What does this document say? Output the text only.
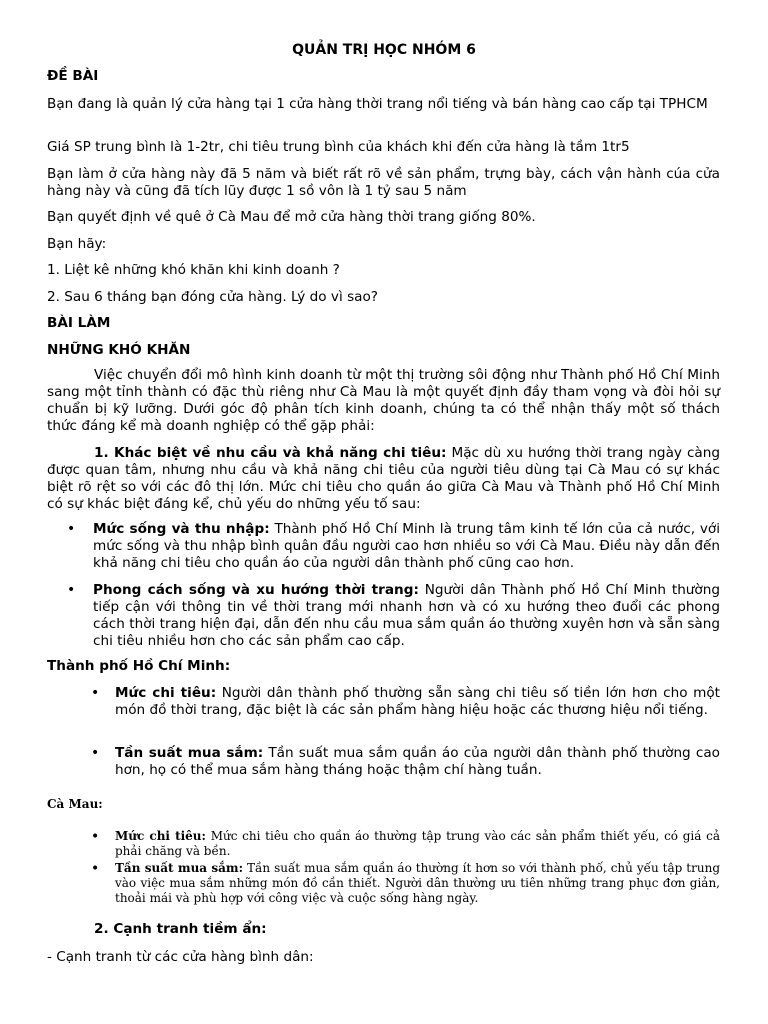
QUẢN TRỊ HỌC NHÓM 6

ĐỀ BÀI

Bạn đang là quản lý cửa hàng tại 1 cửa hàng thời trang nổi tiếng và bán hàng cao cấp tại TPHCM

Giá SP trung bình là 1-2tr, chi tiêu trung bình của khách khi đến cửa hàng là tầm 1tr5

Bạn làm ở cửa hàng này đã 5 năm và biết rất rõ về sản phẩm, trựng bày, cách vận hành cúa cửa hàng này và cũng đã tích lũy được 1 sồ vôn là 1 tỷ sau 5 năm

Bạn quyết định về quê ở Cà Mau để mở cửa hàng thời trang giống 80%.

Bạn hãy:

1. Liệt kê những khó khăn khi kinh doanh ?

2. Sau 6 tháng bạn đóng cửa hàng. Lý do vì sao?

BÀI LÀM

NHỮNG KHÓ KHĂN

Việc chuyển đổi mô hình kinh doanh từ một thị trường sôi động như Thành phố Hồ Chí Minh sang một tỉnh thành có đặc thù riêng như Cà Mau là một quyết định đầy tham vọng và đòi hỏi sự chuẩn bị kỹ lưỡng. Dưới góc độ phân tích kinh doanh, chúng ta có thể nhận thấy một số thách thức đáng kể mà doanh nghiệp có thể gặp phải:

1. Khác biệt về nhu cầu và khả năng chi tiêu: Mặc dù xu hướng thời trang ngày càng được quan tâm, nhưng nhu cầu và khả năng chi tiêu của người tiêu dùng tại Cà Mau có sự khác biệt rõ rệt so với các đô thị lớn. Mức chi tiêu cho quần áo giữa Cà Mau và Thành phố Hồ Chí Minh có sự khác biệt đáng kể, chủ yếu do những yếu tố sau:

• Mức sống và thu nhập: Thành phố Hồ Chí Minh là trung tâm kinh tế lớn của cả nước, với mức sống và thu nhập bình quân đầu người cao hơn nhiều so với Cà Mau. Điều này dẫn đến khả năng chi tiêu cho quần áo của người dân thành phố cũng cao hơn.

• Phong cách sống và xu hướng thời trang: Người dân Thành phố Hồ Chí Minh thường tiếp cận với thông tin về thời trang mới nhanh hơn và có xu hướng theo đuổi các phong cách thời trang hiện đại, dẫn đến nhu cầu mua sắm quần áo thường xuyên hơn và sẵn sàng chi tiêu nhiều hơn cho các sản phẩm cao cấp.

Thành phố Hồ Chí Minh:

• Mức chi tiêu: Người dân thành phố thường sẵn sàng chi tiêu số tiền lớn hơn cho một món đồ thời trang, đặc biệt là các sản phẩm hàng hiệu hoặc các thương hiệu nổi tiếng.

• Tần suất mua sắm: Tần suất mua sắm quần áo của người dân thành phố thường cao hơn, họ có thể mua sắm hàng tháng hoặc thậm chí hàng tuần.

Cà Mau:

• Mức chi tiêu: Mức chi tiêu cho quần áo thường tập trung vào các sản phẩm thiết yếu, có giá cả phải chăng và bền.

• Tần suất mua sắm: Tần suất mua sắm quần áo thường ít hơn so với thành phố, chủ yếu tập trung vào việc mua sắm những món đồ cần thiết. Người dân thường ưu tiên những trang phục đơn giản, thoải mái và phù hợp với công việc và cuộc sống hàng ngày.

2. Cạnh tranh tiềm ẩn:

- Cạnh tranh từ các cửa hàng bình dân:
